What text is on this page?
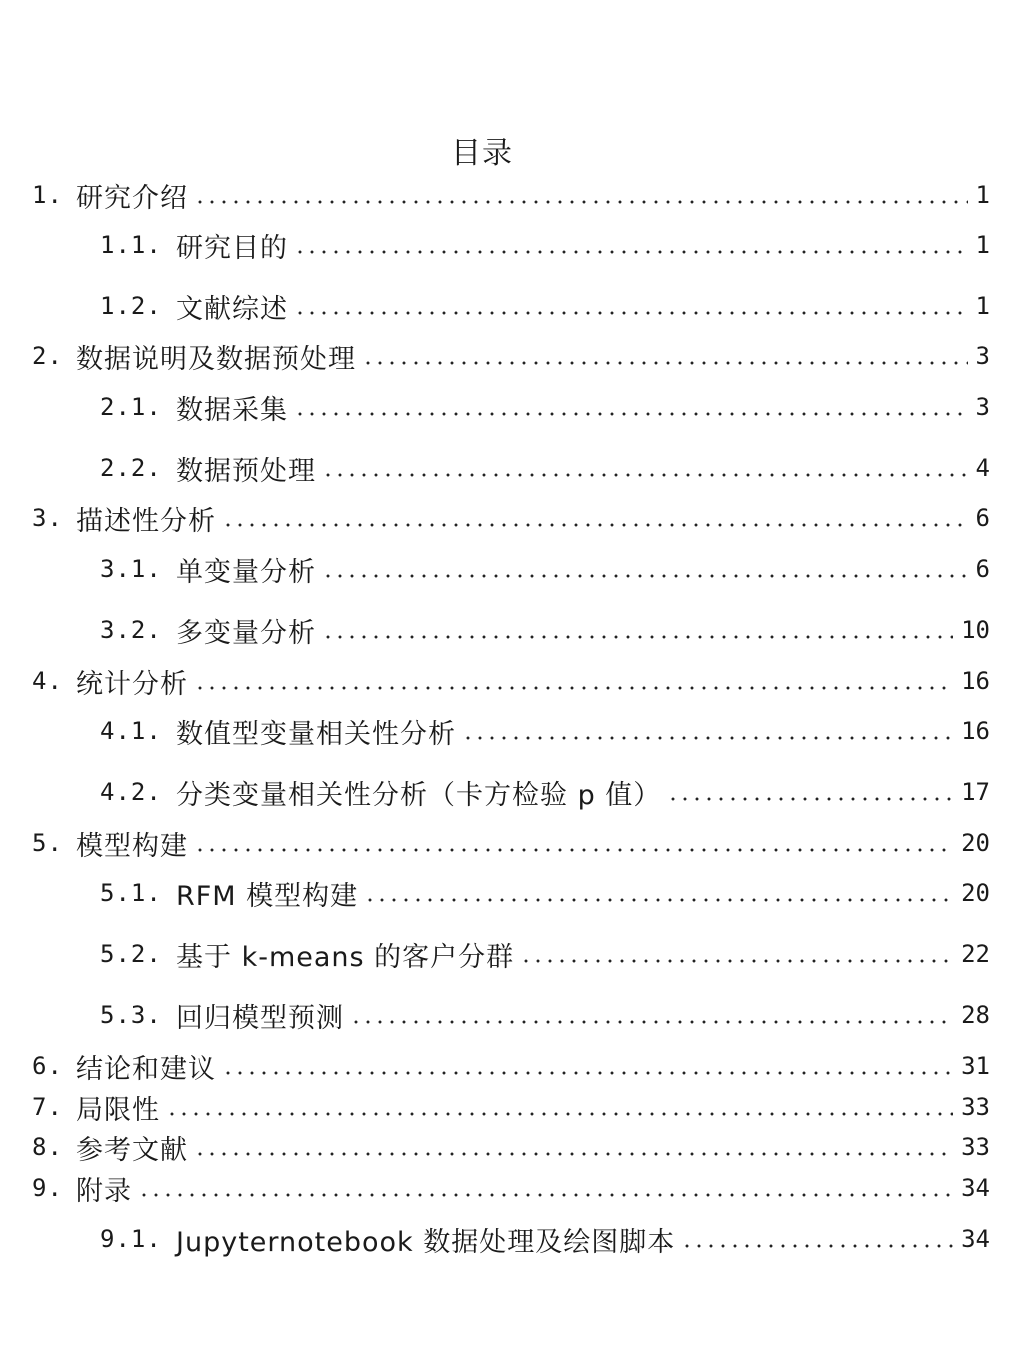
目录
1. 研究介绍	1
1.1. 研究目的	1
1.2. 文献综述	1
2. 数据说明及数据预处理	3
2.1. 数据采集	3
2.2. 数据预处理	4
3. 描述性分析	6
3.1. 单变量分析	6
3.2. 多变量分析	10
4. 统计分析	16
4.1. 数值型变量相关性分析	16
4.2. 分类变量相关性分析（卡方检验 p 值）	17
5. 模型构建	20
5.1. RFM 模型构建	20
5.2. 基于 k-means 的客户分群	22
5.3. 回归模型预测	28
6. 结论和建议	31
7. 局限性	33
8. 参考文献	33
9. 附录	34
9.1. Jupyternotebook 数据处理及绘图脚本	34
